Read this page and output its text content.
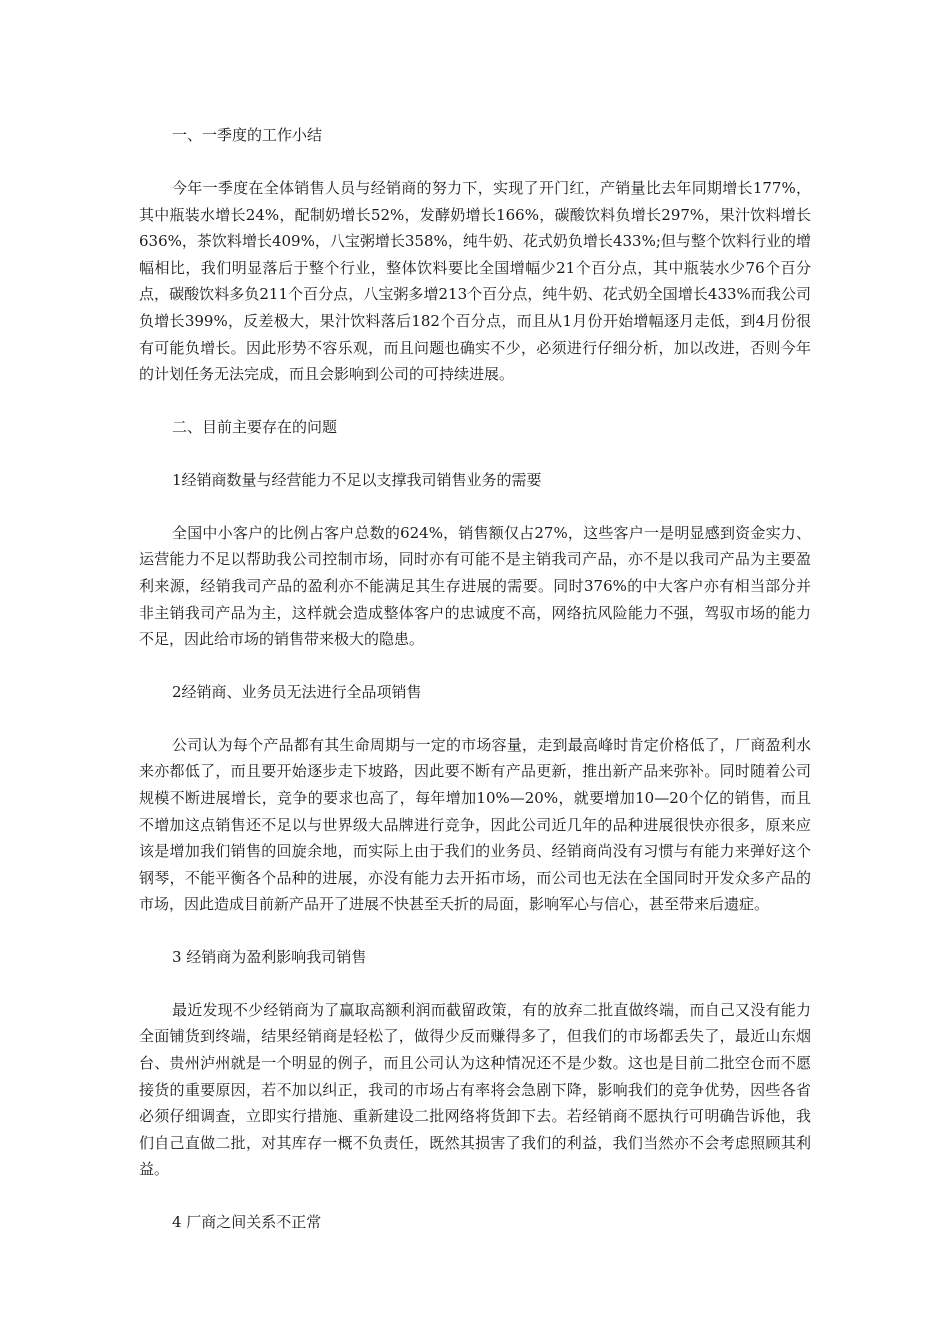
一、一季度的工作小结

今年一季度在全体销售人员与经销商的努力下，实现了开门红，产销量比去年同期增长177%，其中瓶装水增长24%，配制奶增长52%，发酵奶增长166%，碳酸饮料负增长297%，果汁饮料增长636%，茶饮料增长409%，八宝粥增长358%，纯牛奶、花式奶负增长433%;但与整个饮料行业的增幅相比，我们明显落后于整个行业，整体饮料要比全国增幅少21个百分点，其中瓶装水少76个百分点，碳酸饮料多负211个百分点，八宝粥多增213个百分点，纯牛奶、花式奶全国增长433%而我公司负增长399%，反差极大，果汁饮料落后182个百分点，而且从1月份开始增幅逐月走低，到4月份很有可能负增长。因此形势不容乐观，而且问题也确实不少，必须进行仔细分析，加以改进，否则今年的计划任务无法完成，而且会影响到公司的可持续进展。

二、目前主要存在的问题

1经销商数量与经营能力不足以支撑我司销售业务的需要

全国中小客户的比例占客户总数的624%，销售额仅占27%，这些客户一是明显感到资金实力、运营能力不足以帮助我公司控制市场，同时亦有可能不是主销我司产品，亦不是以我司产品为主要盈利来源，经销我司产品的盈利亦不能满足其生存进展的需要。同时376%的中大客户亦有相当部分并非主销我司产品为主，这样就会造成整体客户的忠诚度不高，网络抗风险能力不强，驾驭市场的能力不足，因此给市场的销售带来极大的隐患。

2经销商、业务员无法进行全品项销售

公司认为每个产品都有其生命周期与一定的市场容量，走到最高峰时肯定价格低了，厂商盈利水来亦都低了，而且要开始逐步走下坡路，因此要不断有产品更新，推出新产品来弥补。同时随着公司规模不断进展增长，竞争的要求也高了，每年增加10%—20%，就要增加10—20个亿的销售，而且不增加这点销售还不足以与世界级大品牌进行竞争，因此公司近几年的品种进展很快亦很多，原来应该是增加我们销售的回旋余地，而实际上由于我们的业务员、经销商尚没有习惯与有能力来弹好这个钢琴，不能平衡各个品种的进展，亦没有能力去开拓市场，而公司也无法在全国同时开发众多产品的市场，因此造成目前新产品开了进展不快甚至夭折的局面，影响军心与信心，甚至带来后遗症。

3 经销商为盈利影响我司销售

最近发现不少经销商为了赢取高额利润而截留政策，有的放弃二批直做终端，而自己又没有能力全面铺货到终端，结果经销商是轻松了，做得少反而赚得多了，但我们的市场都丢失了，最近山东烟台、贵州泸州就是一个明显的例子，而且公司认为这种情况还不是少数。这也是目前二批空仓而不愿接货的重要原因，若不加以纠正，我司的市场占有率将会急剧下降，影响我们的竞争优势，因些各省必须仔细调查，立即实行措施、重新建设二批网络将货卸下去。若经销商不愿执行可明确告诉他，我们自己直做二批，对其库存一概不负责任，既然其损害了我们的利益，我们当然亦不会考虑照顾其利益。

4 厂商之间关系不正常
